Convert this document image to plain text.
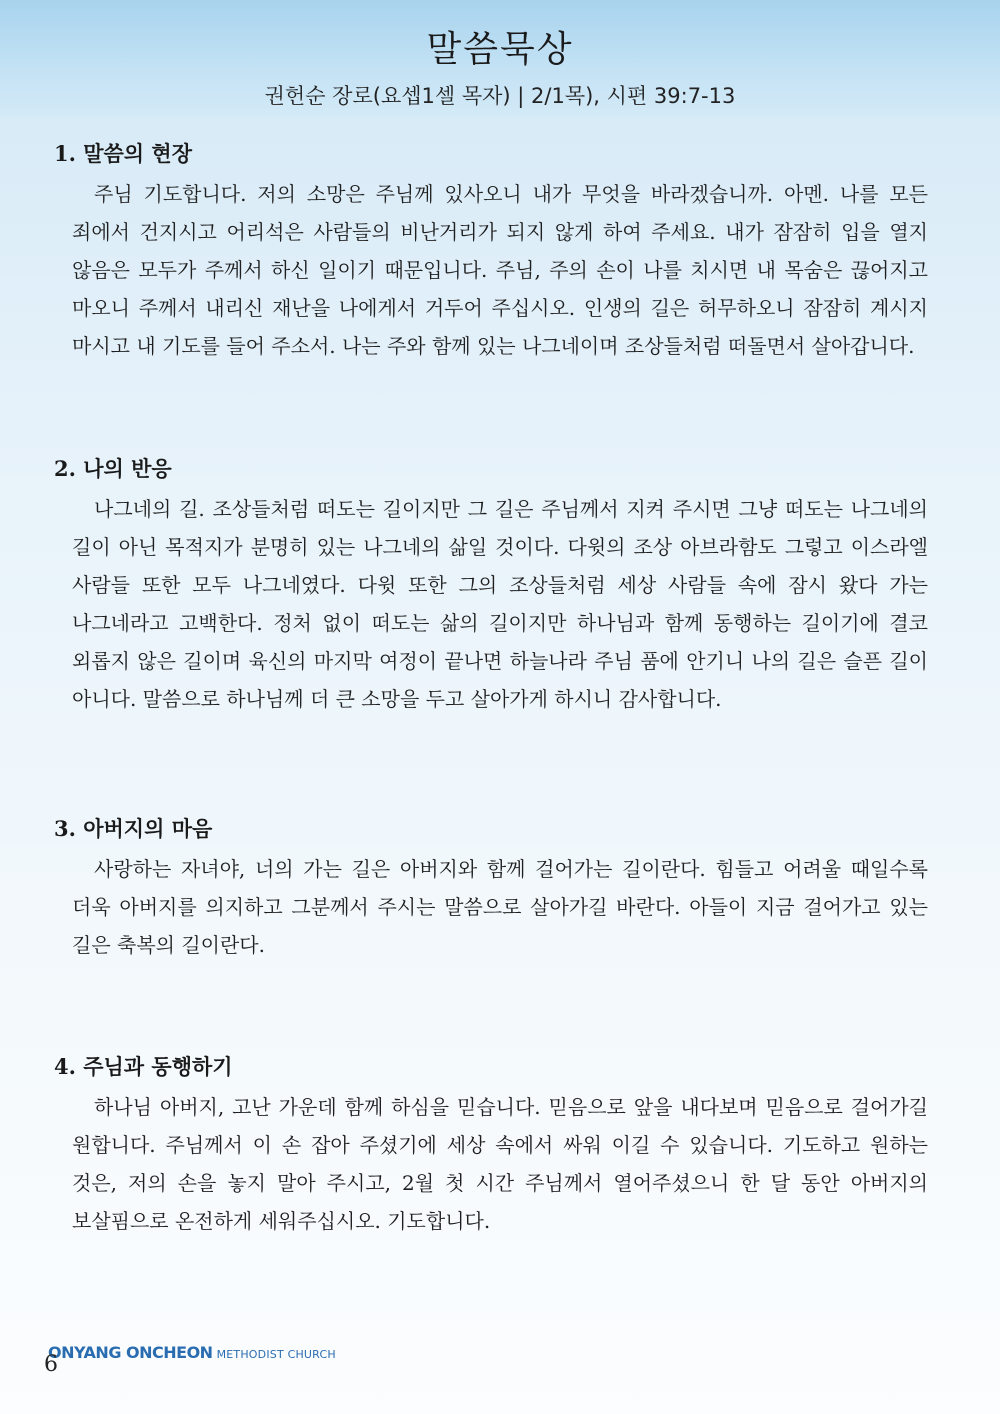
말씀묵상
권헌순 장로(요셉1셀 목자) | 2/1목), 시편 39:7-13

1. 말씀의 현장

주님 기도합니다. 저의 소망은 주님께 있사오니 내가 무엇을 바라겠습니까. 아멘. 나를 모든 죄에서 건지시고 어리석은 사람들의 비난거리가 되지 않게 하여 주세요. 내가 잠잠히 입을 열지 않음은 모두가 주께서 하신 일이기 때문입니다. 주님, 주의 손이 나를 치시면 내 목숨은 끊어지고 마오니 주께서 내리신 재난을 나에게서 거두어 주십시오. 인생의 길은 허무하오니 잠잠히 계시지 마시고 내 기도를 들어 주소서. 나는 주와 함께 있는 나그네이며 조상들처럼 떠돌면서 살아갑니다.

2. 나의 반응

나그네의 길. 조상들처럼 떠도는 길이지만 그 길은 주님께서 지켜 주시면 그냥 떠도는 나그네의 길이 아닌 목적지가 분명히 있는 나그네의 삶일 것이다. 다윗의 조상 아브라함도 그렇고 이스라엘 사람들 또한 모두 나그네였다. 다윗 또한 그의 조상들처럼 세상 사람들 속에 잠시 왔다 가는 나그네라고 고백한다. 정처 없이 떠도는 삶의 길이지만 하나님과 함께 동행하는 길이기에 결코 외롭지 않은 길이며 육신의 마지막 여정이 끝나면 하늘나라 주님 품에 안기니 나의 길은 슬픈 길이 아니다. 말씀으로 하나님께 더 큰 소망을 두고 살아가게 하시니 감사합니다.

3. 아버지의 마음

사랑하는 자녀야, 너의 가는 길은 아버지와 함께 걸어가는 길이란다. 힘들고 어려울 때일수록 더욱 아버지를 의지하고 그분께서 주시는 말씀으로 살아가길 바란다. 아들이 지금 걸어가고 있는 길은 축복의 길이란다.

4. 주님과 동행하기

하나님 아버지, 고난 가운데 함께 하심을 믿습니다. 믿음으로 앞을 내다보며 믿음으로 걸어가길 원합니다. 주님께서 이 손 잡아 주셨기에 세상 속에서 싸워 이길 수 있습니다. 기도하고 원하는 것은, 저의 손을 놓지 말아 주시고, 2월 첫 시간 주님께서 열어주셨으니 한 달 동안 아버지의 보살핌으로 온전하게 세워주십시오. 기도합니다.

ONYANG ONCHEON METHODIST CHURCH
6
